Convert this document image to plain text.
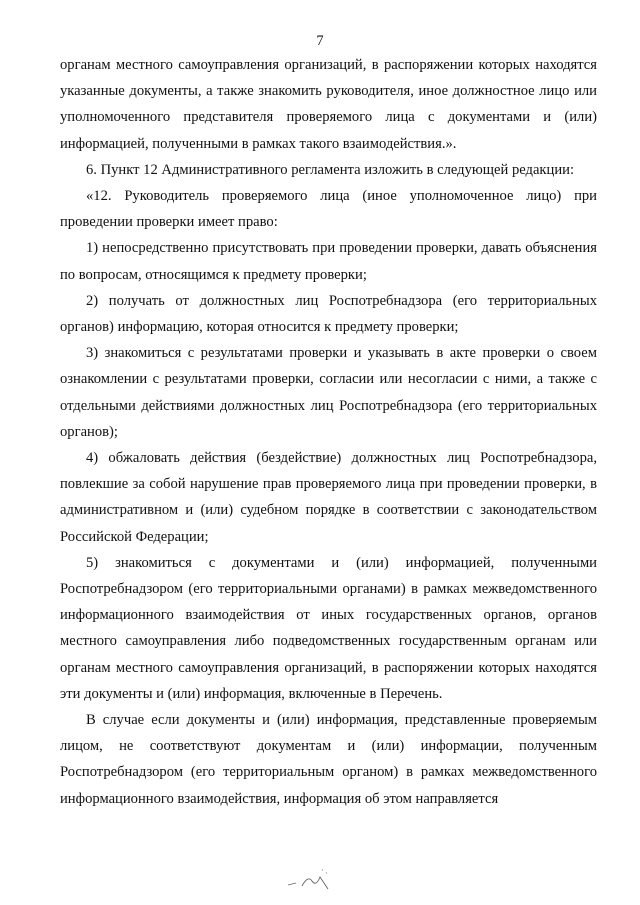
7

органам местного самоуправления организаций, в распоряжении которых находятся указанные документы, а также знакомить руководителя, иное должностное лицо или уполномоченного представителя проверяемого лица с документами и (или) информацией, полученными в рамках такого взаимодействия.».

6. Пункт 12 Административного регламента изложить в следующей редакции:

«12. Руководитель проверяемого лица (иное уполномоченное лицо) при проведении проверки имеет право:

1) непосредственно присутствовать при проведении проверки, давать объяснения по вопросам, относящимся к предмету проверки;

2) получать от должностных лиц Роспотребнадзора (его территориальных органов) информацию, которая относится к предмету проверки;

3) знакомиться с результатами проверки и указывать в акте проверки о своем ознакомлении с результатами проверки, согласии или несогласии с ними, а также с отдельными действиями должностных лиц Роспотребнадзора (его территориальных органов);

4) обжаловать действия (бездействие) должностных лиц Роспотребнадзора, повлекшие за собой нарушение прав проверяемого лица при проведении проверки, в административном и (или) судебном порядке в соответствии с законодательством Российской Федерации;

5) знакомиться с документами и (или) информацией, полученными Роспотребнадзором (его территориальными органами) в рамках межведомственного информационного взаимодействия от иных государственных органов, органов местного самоуправления либо подведомственных государственным органам или органам местного самоуправления организаций, в распоряжении которых находятся эти документы и (или) информация, включенные в Перечень.

В случае если документы и (или) информация, представленные проверяемым лицом, не соответствуют документам и (или) информации, полученным Роспотребнадзором (его территориальным органом) в рамках межведомственного информационного взаимодействия, информация об этом направляется
